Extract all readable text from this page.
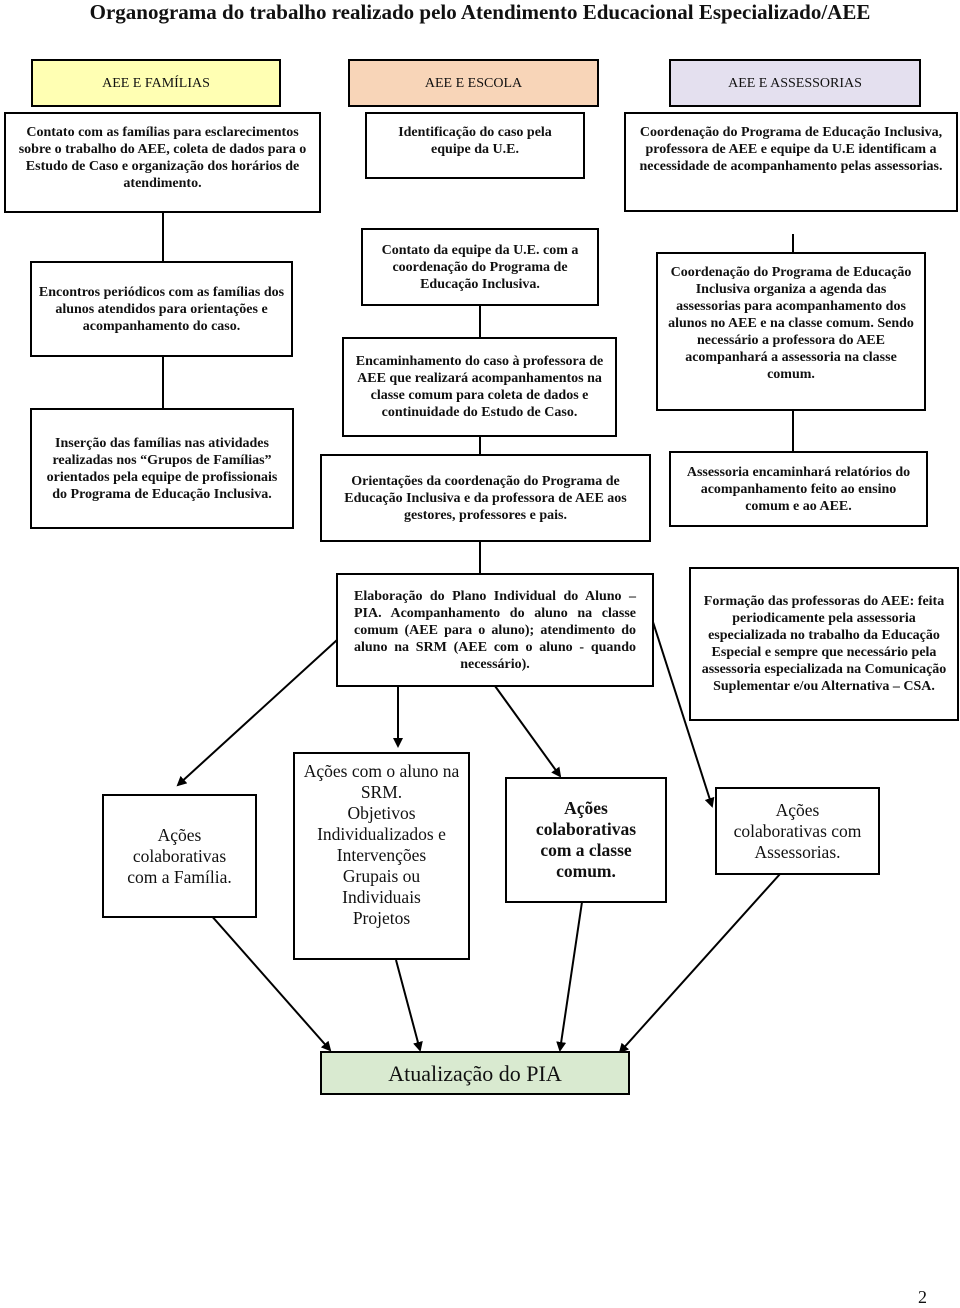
Organograma do trabalho realizado pelo Atendimento Educacional Especializado/AEE
AEE E FAMÍLIAS	AEE E ESCOLA	AEE E ASSESSORIAS
Contato com as famílias para esclarecimentos sobre o trabalho do AEE, coleta de dados para o Estudo de Caso e organização dos horários de atendimento.
Identificação do caso pela equipe da U.E.
Coordenação do Programa de Educação Inclusiva, professora de AEE e equipe da U.E identificam a necessidade de acompanhamento pelas assessorias.
Encontros periódicos com as famílias dos alunos atendidos para orientações e acompanhamento do caso.
Contato da equipe da U.E. com a coordenação do Programa de Educação Inclusiva.
Coordenação do Programa de Educação Inclusiva organiza a agenda das assessorias para acompanhamento dos alunos no AEE e na classe comum. Sendo necessário a professora do AEE acompanhará a assessoria na classe comum.
Encaminhamento do caso à professora de AEE que realizará acompanhamentos na classe comum para coleta de dados e continuidade do Estudo de Caso.
Inserção das famílias nas atividades realizadas nos “Grupos de Famílias” orientados pela equipe de profissionais do Programa de Educação Inclusiva.
Orientações da coordenação do Programa de Educação Inclusiva e da professora de AEE aos gestores, professores e pais.
Assessoria encaminhará relatórios do acompanhamento feito ao ensino comum e ao AEE.
Elaboração do Plano Individual do Aluno – PIA. Acompanhamento do aluno na classe comum (AEE para o aluno); atendimento do aluno na SRM (AEE com o aluno - quando necessário).
Formação das professoras do AEE: feita periodicamente pela assessoria especializada no trabalho da Educação Especial e sempre que necessário pela assessoria especializada na Comunicação Suplementar e/ou Alternativa – CSA.
Ações colaborativas com a Família.
Ações com o aluno na SRM.
Objetivos
Individualizados e
Intervenções
Grupais ou
Individuais
Projetos
Ações colaborativas com a classe comum.
Ações colaborativas com Assessorias.
Atualização do PIA
2
